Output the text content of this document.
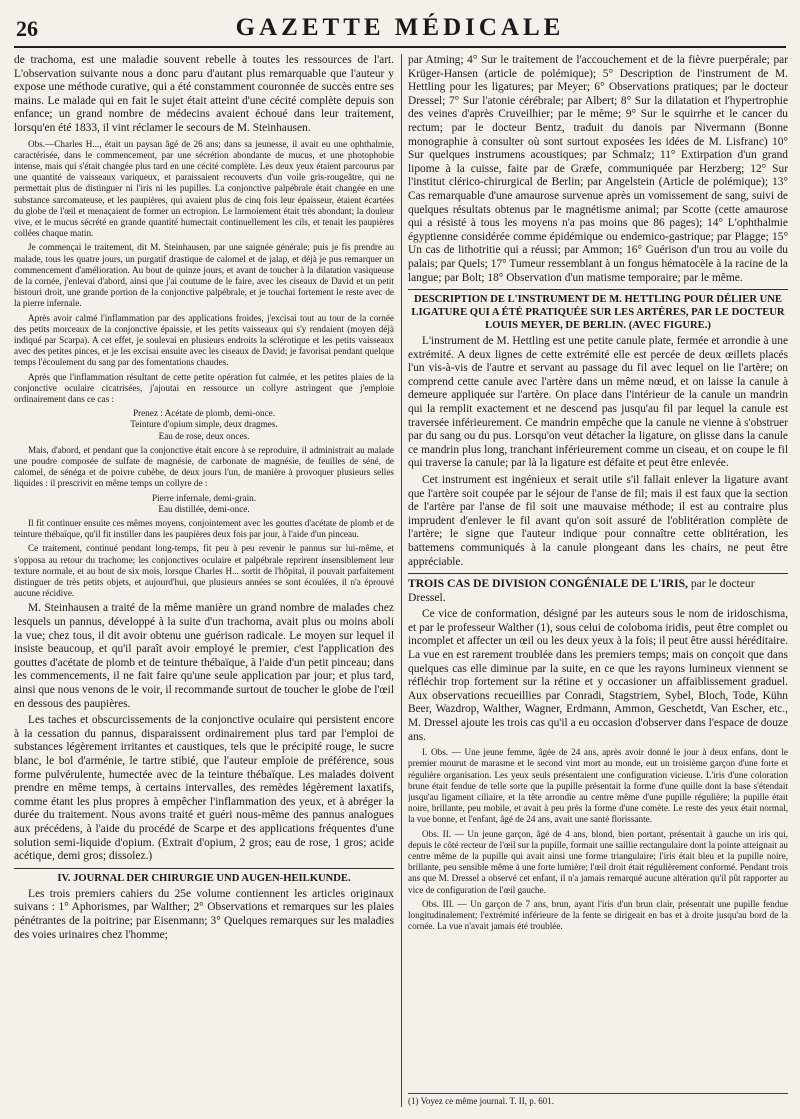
26	GAZETTE MÉDICALE

de trachoma, est une maladie souvent rebelle à toutes les ressources de l'art. L'observation suivante nous a donc paru d'autant plus remarquable que l'auteur y expose une méthode curative, qui a été constamment couronnée de succès entre ses mains. Le malade qui en fait le sujet était atteint d'une cécité complète depuis son enfance; un grand nombre de médecins avaient échoué dans leur traitement, lorsqu'en été 1833, il vint réclamer le secours de M. Steinhausen.

Obs.—Charles H..., était un paysan âgé de 26 ans; dans sa jeunesse, il avait eu une ophthalmie, caractérisée, dans le commencement, par une sécrétion abondante de mucus, et une photophobie intense, mais qui s'était changée plus tard en une cécité complète. Les deux yeux étaient parcourus par une quantité de vaisseaux variqueux, et paraissaient recouverts d'un voile gris-rougeâtre, qui ne permettait plus de distinguer ni l'iris ni les pupilles. La conjonctive palpébrale était changée en une substance sarcomateuse, et les paupières, qui avaient plus de cinq fois leur épaisseur, étaient écartées du globe de l'œil et menaçaient de former un ectropion. Le larmoiement était très abondant; la douleur vive, et le mucus sécrété en grande quantité humectait continuellement les cils, et tenait les paupières collées chaque matin.

Je commençai le traitement, dit M. Steinhausen, par une saignée générale; puis je fis prendre au malade, tous les quatre jours, un purgatif drastique de calomel et de jalap, et déjà je pus remarquer un commencement d'amélioration. Au bout de quinze jours, et avant de toucher à la dilatation vasiqueuse de la cornée, j'enlevai d'abord, ainsi que j'ai coutume de le faire, avec les ciseaux de David et un petit bistouri droit, une grande portion de la conjonctive palpébrale, et je touchai fortement le reste avec de la pierre infernale.

Après avoir calmé l'inflammation par des applications froides, j'excisai tout au tour de la cornée des petits morceaux de la conjonctive épaissie, et les petits vaisseaux qui s'y rendaient (moyen déjà indiqué par Scarpa). A cet effet, je soulevai en plusieurs endroits la sclérotique et les petits vaisseaux avec des petites pinces, et je les excisai ensuite avec les ciseaux de David; je favorisai pendant quelque temps l'écoulement du sang par des fomentations chaudes.

Après que l'inflammation résultant de cette petite opération fut calmée, et les petites plaies de la conjonctive oculaire cicatrisées, j'ajoutai en ressource un collyre astringent que j'emploie ordinairement dans ce cas :

Prenez : Acétate de plomb, demi-once.
Teinture d'opium simple, deux dragmes.
Eau de rose, deux onces.

Mais, d'abord, et pendant que la conjonctive était encore à se reproduire, il administrait au malade une poudre composée de sulfate de magnésie, de carbonate de magnésie, de feuilles de séné, de calomel, de sénéga et de poivre cubèbe, de deux jours l'un, de manière à provoquer plusieurs selles liquides : il prescrivit en même temps un collyre de :

Pierre infernale, demi-grain.
Eau distillée, demi-once.

Il fit continuer ensuite ces mêmes moyens, conjointement avec les gouttes d'acétate de plomb et de teinture thébaïque, qu'il fit instiller dans les paupières deux fois par jour, à l'aide d'un pinceau.

Ce traitement, continué pendant long-temps, fit peu à peu revenir le pannus sur lui-même, et s'opposa au retour du trachome; les conjonctives oculaire et palpébrale reprirent insensiblement leur texture normale, et au bout de six mois, lorsque Charles H... sortit de l'hôpital, il pouvait parfaitement distinguer de très petits objets, et aujourd'hui, que plusieurs années se sont écoulées, il n'a éprouvé aucune récidive.

M. Steinhausen a traité de la même manière un grand nombre de malades chez lesquels un pannus, développé à la suite d'un trachoma, avait plus ou moins aboli la vue; chez tous, il dit avoir obtenu une guérison radicale. Le moyen sur lequel il insiste beaucoup, et qu'il paraît avoir employé le premier, c'est l'application des gouttes d'acétate de plomb et de teinture thébaïque, à l'aide d'un petit pinceau; dans les commencements, il ne fait faire qu'une seule application par jour; et plus tard, ainsi que nous venons de le voir, il recommande surtout de toucher le globe de l'œil en dessous des paupières.

Les taches et obscurcissements de la conjonctive oculaire qui persistent encore à la cessation du pannus, disparaissent ordinairement plus tard par l'emploi de substances légèrement irritantes et caustiques, tels que le précipité rouge, le sucre blanc, le bol d'arménie, le tartre stibié, que l'auteur emploie de préférence, sous forme pulvérulente, humectée avec de la teinture thébaïque. Les malades doivent prendre en même temps, à certains intervalles, des remèdes légèrement laxatifs, comme étant les plus propres à empêcher l'inflammation des yeux, et à abréger la durée du traitement. Nous avons traité et guéri nous-même des pannus analogues aux précédens, à l'aide du procédé de Scarpe et des applications fréquentes d'une solution semi-liquide d'opium. (Extrait d'opium, 2 gros; eau de rose, 1 gros; acide acétique, demi gros; dissolez.)

IV. JOURNAL DER CHIRURGIE UND AUGEN-HEILKUNDE.

Les trois premiers cahiers du 25e volume contiennent les articles originaux suivans : 1° Aphorismes, par Walther; 2° Observations et remarques sur les plaies pénétrantes de la poitrine; par Eisenmann; 3° Quelques remarques sur les maladies des voies urinaires chez l'homme;

par Atming; 4° Sur le traitement de l'accouchement et de la fièvre puerpérale; par Krüger-Hansen (article de polémique); 5° Description de l'instrument de M. Hettling pour les ligatures; par Meyer; 6° Observations pratiques; par le docteur Dressel; 7° Sur l'atonie cérébrale; par Albert; 8° Sur la dilatation et l'hypertrophie des veines d'après Cruveilhier; par le même; 9° Sur le squirrhe et le cancer du rectum; par le docteur Bentz, traduit du danois par Nivermann (Bonne monographie à consulter où sont surtout exposées les idées de M. Lisfranc) 10° Sur quelques instrumens acoustiques; par Schmalz; 11° Extirpation d'un grand lipome à la cuisse, faite par de Græfe, communiquée par Herzberg; 12° Sur l'institut clérico-chirurgical de Berlin; par Angelstein (Article de polémique); 13° Cas remarquable d'une amaurose survenue après un vomissement de sang, suivi de quelques résultats obtenus par le magnétisme animal; par Scotte (cette amaurose qui a résisté à tous les moyens n'a pas moins que 86 pages); 14° L'ophthalmie égyptienne considérée comme épidémique ou endemico-gastrique; par Plagge; 15° Un cas de lithotritie qui a réussi; par Ammon; 16° Guérison d'un trou au voile du palais; par Quels; 17° Tumeur ressemblant à un fongus hématocèle à la racine de la langue; par Bolt; 18° Observation d'un matisme temporaire; par le même.

DESCRIPTION DE L'INSTRUMENT DE M. HETTLING POUR DÉLIER UNE LIGATURE QUI A ÉTÉ PRATIQUÉE SUR LES ARTÈRES, PAR LE DOCTEUR LOUIS MEYER, DE BERLIN. (AVEC FIGURE.)

L'instrument de M. Hettling est une petite canule plate, fermée et arrondie à une extrémité. A deux lignes de cette extrémité elle est percée de deux œillets placés l'un vis-à-vis de l'autre et servant au passage du fil avec lequel on lie l'artère; on comprend cette canule avec l'artère dans un même nœud, et on laisse la canule à demeure appliquée sur l'artère. On place dans l'intérieur de la canule un mandrin qui la remplit exactement et ne descend pas jusqu'au fil par lequel la canule est traversée inférieurement. Ce mandrin empêche que la canule ne vienne à s'obstruer par du sang ou du pus. Lorsqu'on veut détacher la ligature, on glisse dans la canule ce mandrin plus long, tranchant inférieurement comme un ciseau, et on coupe le fil qui traverse la canule; par là la ligature est défaite et peut être enlevée.

Cet instrument est ingénieux et serait utile s'il fallait enlever la ligature avant que l'artère soit coupée par le séjour de l'anse de fil; mais il est faux que la section de l'artère par l'anse de fil soit une mauvaise méthode; il est au contraire plus imprudent d'enlever le fil avant qu'on soit assuré de l'oblitération complète de l'artère; le signe que l'auteur indique pour connaître cette oblitération, les battemens communiqués à la canule plongeant dans les chairs, ne peut être appréciable.

TROIS CAS DE DIVISION CONGÉNIALE DE L'IRIS, par le docteur Dressel.

Ce vice de conformation, désigné par les auteurs sous le nom de iridoschisma, et par le professeur Walther (1), sous celui de coloboma iridis, peut être complet ou incomplet et affecter un œil ou les deux yeux à la fois; il peut être aussi héréditaire. La vue en est rarement troublée dans les premiers temps; mais on conçoit que dans quelques cas elle diminue par la suite, en ce que les rayons lumineux viennent se réfléchir trop fortement sur la rétine et y occasioner un affaiblissement graduel. Aux observations recueillies par Conradi, Stagstriem, Sybel, Bloch, Tode, Kühn Beer, Wazdrop, Walther, Wagner, Erdmann, Ammon, Geschetdt, Van Escher, etc., M. Dressel ajoute les trois cas qu'il a eu occasion d'observer dans l'espace de douze ans.

I. Obs. — Une jeune femme, âgée de 24 ans, après avoir donné le jour à deux enfans, dont le premier mourut de marasme et le second vint mort au monde, eut un troisième garçon d'une forte et régulière organisation. Les yeux seuls présentaient une configuration vicieuse. L'iris d'une coloration brune était fendue de telle sorte que la pupille présentait la forme d'une quille dont la base s'étendait jusqu'au ligament ciliaire, et la tête arrondie au centre même d'une pupille régulière; la pupille était noire, brillante, peu mobile, et avait à peu près la forme d'une comète. Le reste des yeux était normal, la vue bonne, et l'enfant, âgé de 24 ans, avait une santé florissante.

Obs. II. — Un jeune garçon, âgé de 4 ans, blond, bien portant, présentait à gauche un iris qui, depuis le côté recteur de l'œil sur la pupille, formait une saillie rectangulaire dont la pointe atteignait au centre même de la pupille qui avait ainsi une forme triangulaire; l'iris était bleu et la pupille noire, brillante, peu sensible même à une forte lumière; l'œil droit était régulièrement conformé. Pendant trois ans que M. Dressel a observé cet enfant, il n'a jamais remarqué aucune altération qu'il pût rapporter au vice de configuration de l'œil gauche.

Obs. III. — Un garçon de 7 ans, brun, ayant l'iris d'un brun clair, présentait une pupille fendue longitudinalement; l'extrémité inférieure de la fente se dirigeait en bas et à droite jusqu'au bord de la cornée. La vue n'avait jamais été troublée.

(1) Voyez ce même journal. T. II, p. 601.
